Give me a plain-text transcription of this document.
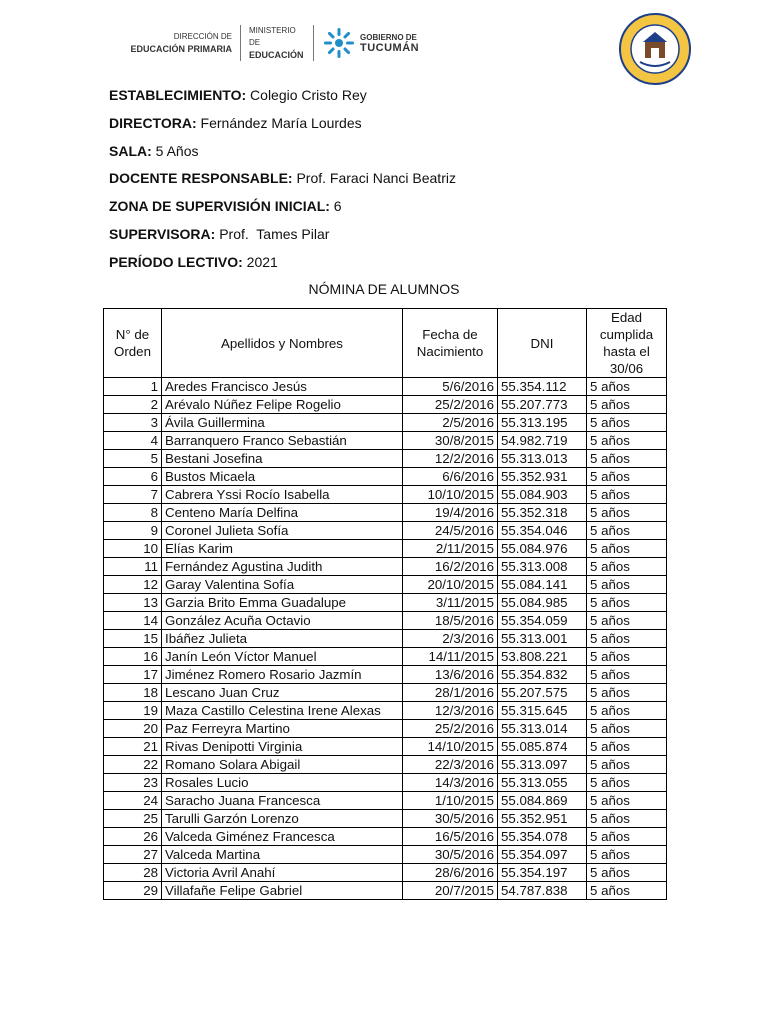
DIRECCIÓN DE
EDUCACIÓN PRIMARIA
MINISTERIO DE
EDUCACIÓN
GOBIERNO DE
TUCUMÁN
ESTABLECIMIENTO: Colegio Cristo Rey
DIRECTORA: Fernández María Lourdes
SALA: 5 Años
DOCENTE RESPONSABLE: Prof. Faraci Nanci Beatriz
ZONA DE SUPERVISIÓN INICIAL: 6
SUPERVISORA: Prof.  Tames Pilar
PERÍODO LECTIVO: 2021
NÓMINA DE ALUMNOS
N° de Orden	Apellidos y Nombres	Fecha de Nacimiento	DNI	Edad cumplida hasta el 30/06
1	Aredes Francisco Jesús	5/6/2016	55.354.112	5 años
2	Arévalo Núñez Felipe Rogelio	25/2/2016	55.207.773	5 años
3	Ávila Guillermina	2/5/2016	55.313.195	5 años
4	Barranquero Franco Sebastián	30/8/2015	54.982.719	5 años
5	Bestani Josefina	12/2/2016	55.313.013	5 años
6	Bustos Micaela	6/6/2016	55.352.931	5 años
7	Cabrera Yssi Rocío Isabella	10/10/2015	55.084.903	5 años
8	Centeno María Delfina	19/4/2016	55.352.318	5 años
9	Coronel Julieta Sofía	24/5/2016	55.354.046	5 años
10	Elías Karim	2/11/2015	55.084.976	5 años
11	Fernández Agustina Judith	16/2/2016	55.313.008	5 años
12	Garay Valentina Sofía	20/10/2015	55.084.141	5 años
13	Garzia Brito Emma Guadalupe	3/11/2015	55.084.985	5 años
14	González Acuña Octavio	18/5/2016	55.354.059	5 años
15	Ibáñez Julieta	2/3/2016	55.313.001	5 años
16	Janín León Víctor Manuel	14/11/2015	53.808.221	5 años
17	Jiménez Romero Rosario Jazmín	13/6/2016	55.354.832	5 años
18	Lescano Juan Cruz	28/1/2016	55.207.575	5 años
19	Maza Castillo Celestina Irene Alexas	12/3/2016	55.315.645	5 años
20	Paz Ferreyra Martino	25/2/2016	55.313.014	5 años
21	Rivas Denipotti Virginia	14/10/2015	55.085.874	5 años
22	Romano Solara Abigail	22/3/2016	55.313.097	5 años
23	Rosales Lucio	14/3/2016	55.313.055	5 años
24	Saracho Juana Francesca	1/10/2015	55.084.869	5 años
25	Tarulli Garzón Lorenzo	30/5/2016	55.352.951	5 años
26	Valceda Giménez Francesca	16/5/2016	55.354.078	5 años
27	Valceda Martina	30/5/2016	55.354.097	5 años
28	Victoria Avril Anahí	28/6/2016	55.354.197	5 años
29	Villafañe Felipe Gabriel	20/7/2015	54.787.838	5 años
